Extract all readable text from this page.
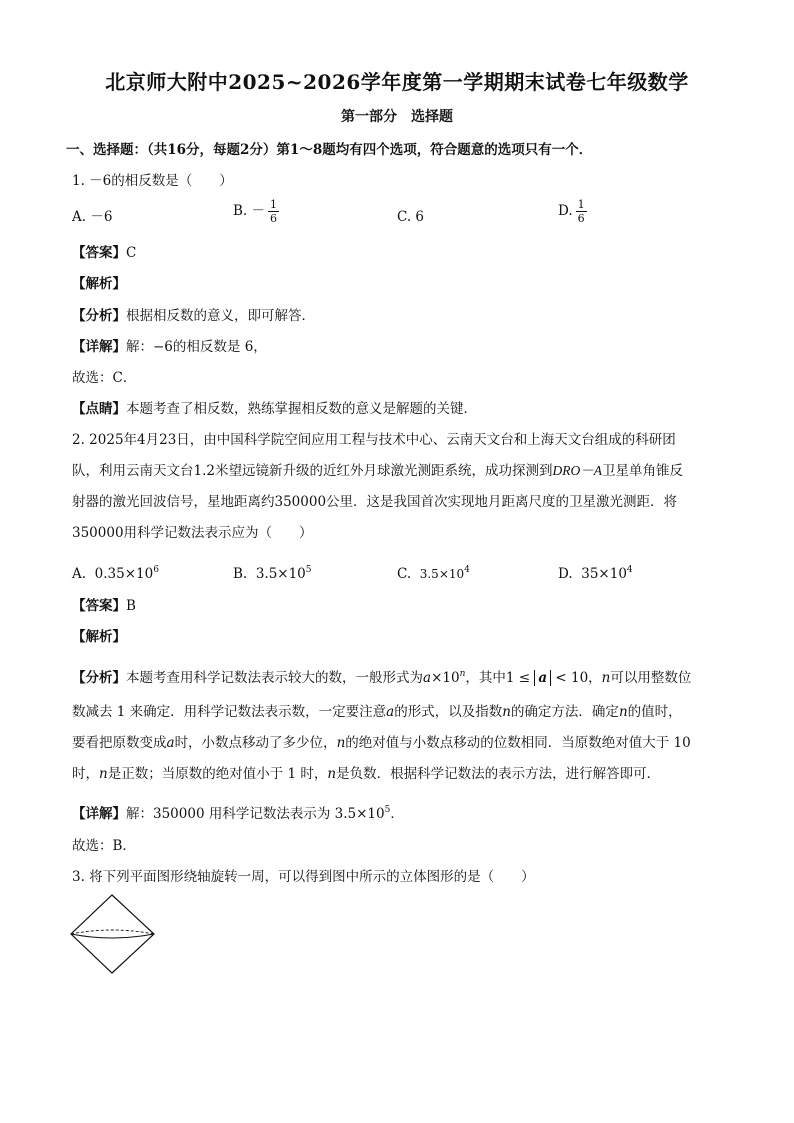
北京师大附中2025~2026学年度第一学期期末试卷七年级数学
第一部分　选择题
一、选择题：（共16分，每题2分）第1～8题均有四个选项，符合题意的选项只有一个．
1. －6的相反数是（　　）
A. －6	B. － $\frac{1}{6}$	C. 6	D. $\frac{1}{6}$
【答案】C
【解析】
【分析】根据相反数的意义，即可解答．
【详解】解：−6的相反数是 6，
故选：C．
【点睛】本题考查了相反数，熟练掌握相反数的意义是解题的关键．
2. 2025年4月23日，由中国科学院空间应用工程与技术中心、云南天文台和上海天文台组成的科研团
队，利用云南天文台1.2米望远镜新升级的近红外月球激光测距系统，成功探测到DRO－A卫星单角锥反
射器的激光回波信号，星地距离约350000公里．这是我国首次实现地月距离尺度的卫星激光测距．将
350000用科学记数法表示应为（　　）
A. $0.35\times 10^6$	B. $3.5\times 10^5$	C. $3.5\times 10^4$	D. $35\times 10^4$
【答案】B
【解析】
【分析】本题考查用科学记数法表示较大的数，一般形式为$a\times 10^n$，其中1 ≤ a < 10，n可以用整数位
数减去 1 来确定．用科学记数法表示数，一定要注意a的形式，以及指数n的确定方法．确定n的值时，
要看把原数变成a时，小数点移动了多少位，n的绝对值与小数点移动的位数相同．当原数绝对值大于 10
时，n是正数；当原数的绝对值小于 1 时，n是负数．根据科学记数法的表示方法，进行解答即可．
【详解】解：350000 用科学记数法表示为 $3.5\times 10^5$．
故选：B．
3. 将下列平面图形绕轴旋转一周，可以得到图中所示的立体图形的是（　　）
